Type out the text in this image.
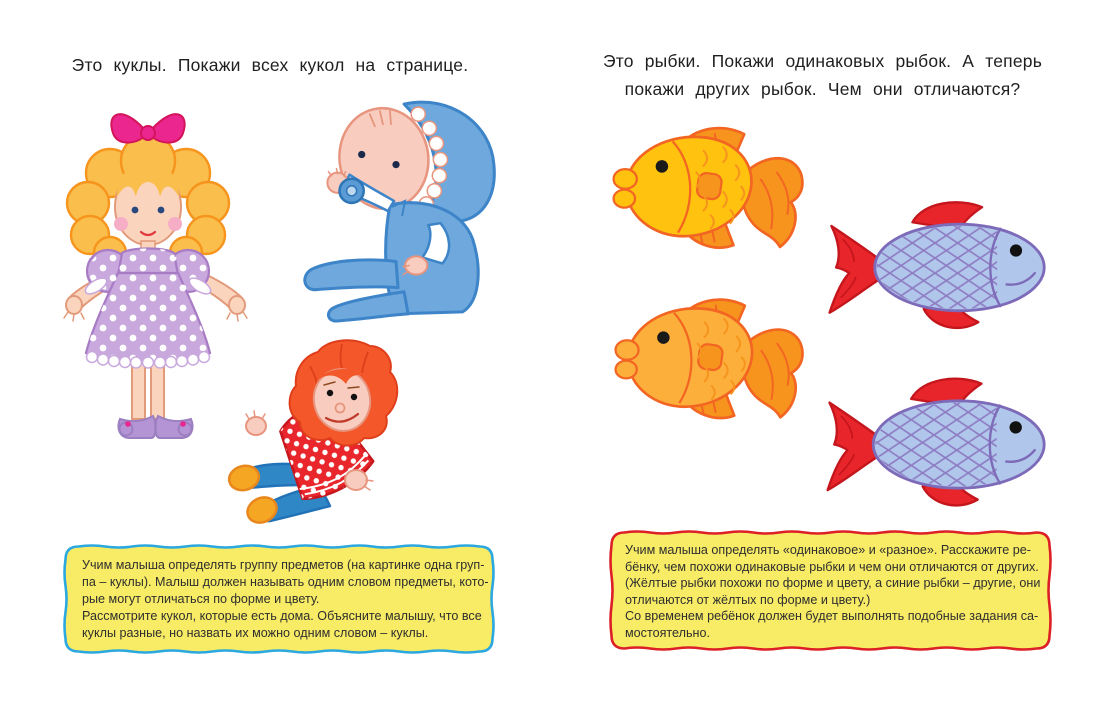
Это куклы. Покажи всех кукол на странице.
Учим малыша определять группу предметов (на картинке одна груп-
па – куклы). Малыш должен называть одним словом предметы, кото-
рые могут отличаться по форме и цвету.
Рассмотрите кукол, которые есть дома. Объясните малышу, что все
куклы разные, но назвать их можно одним словом – куклы.
Это рыбки. Покажи одинаковых рыбок. А теперь
покажи других рыбок. Чем они отличаются?
Учим малыша определять «одинаковое» и «разное». Расскажите ре-
бёнку, чем похожи одинаковые рыбки и чем они отличаются от других.
(Жёлтые рыбки похожи по форме и цвету, а синие рыбки – другие, они
отличаются от жёлтых по форме и цвету.)
Со временем ребёнок должен будет выполнять подобные задания са-
мостоятельно.
